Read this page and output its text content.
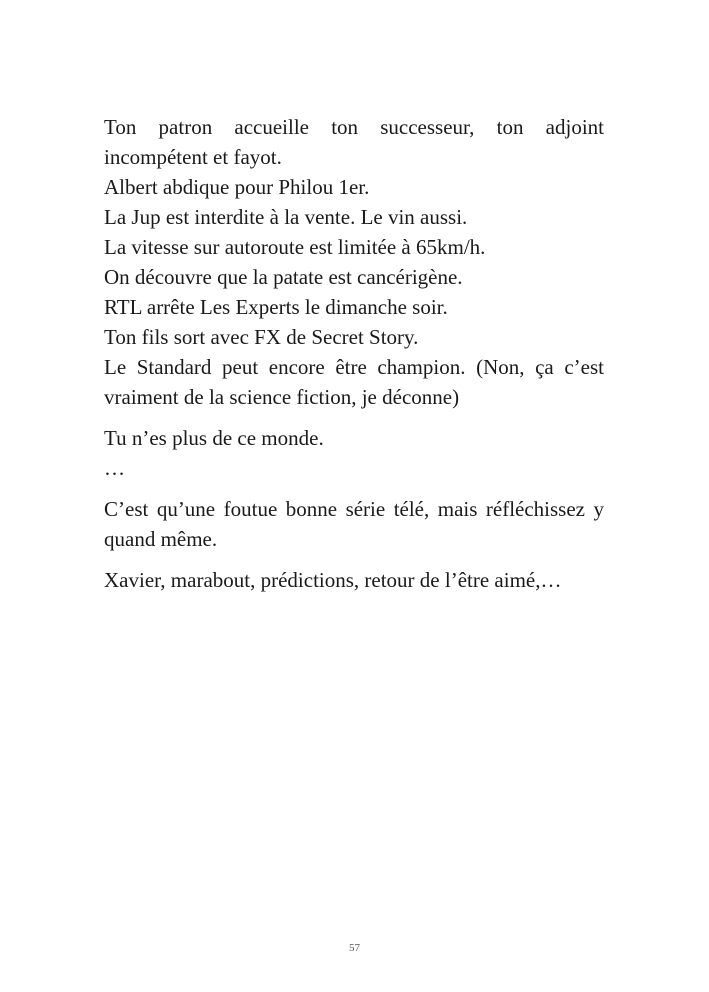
Ton patron accueille ton successeur, ton adjoint incompétent et fayot.

Albert abdique pour Philou 1er.
La Jup est interdite à la vente. Le vin aussi.
La vitesse sur autoroute est limitée à 65km/h.
On découvre que la patate est cancérigène.
RTL arrête Les Experts le dimanche soir.
Ton fils sort avec FX de Secret Story.

Le Standard peut encore être champion. (Non, ça c’est vraiment de la science fiction, je déconne)

Tu n’es plus de ce monde.
…

C’est qu’une foutue bonne série télé, mais réfléchissez y quand même.

Xavier, marabout, prédictions, retour de l’être aimé,…

57
